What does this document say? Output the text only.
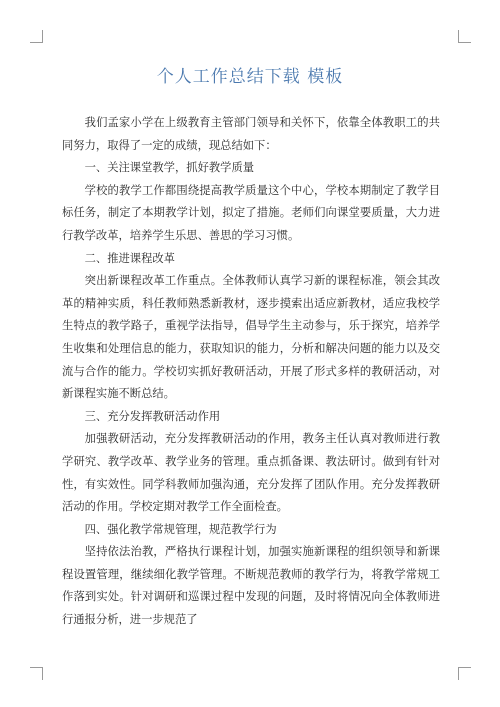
个人工作总结下载 模板

我们孟家小学在上级教育主管部门领导和关怀下，依靠全体教职工的共同努力，取得了一定的成绩，现总结如下：

一、关注课堂教学，抓好教学质量

学校的教学工作都围绕提高教学质量这个中心，学校本期制定了教学目标任务，制定了本期教学计划，拟定了措施。老师们向课堂要质量，大力进行教学改革，培养学生乐思、善思的学习习惯。

二、推进课程改革

突出新课程改革工作重点。全体教师认真学习新的课程标准，领会其改革的精神实质，科任教师熟悉新教材，逐步摸索出适应新教材，适应我校学生特点的教学路子，重视学法指导，倡导学生主动参与，乐于探究，培养学生收集和处理信息的能力，获取知识的能力，分析和解决问题的能力以及交流与合作的能力。学校切实抓好教研活动，开展了形式多样的教研活动，对新课程实施不断总结。

三、充分发挥教研活动作用

加强教研活动，充分发挥教研活动的作用，教务主任认真对教师进行教学研究、教学改革、教学业务的管理。重点抓备课、教法研讨。做到有针对性，有实效性。同学科教师加强沟通，充分发挥了团队作用。充分发挥教研活动的作用。学校定期对教学工作全面检查。

四、强化教学常规管理，规范教学行为

坚持依法治教，严格执行课程计划，加强实施新课程的组织领导和新课程设置管理，继续细化教学管理。不断规范教师的教学行为，将教学常规工作落到实处。针对调研和巡课过程中发现的问题，及时将情况向全体教师进行通报分析，进一步规范了
